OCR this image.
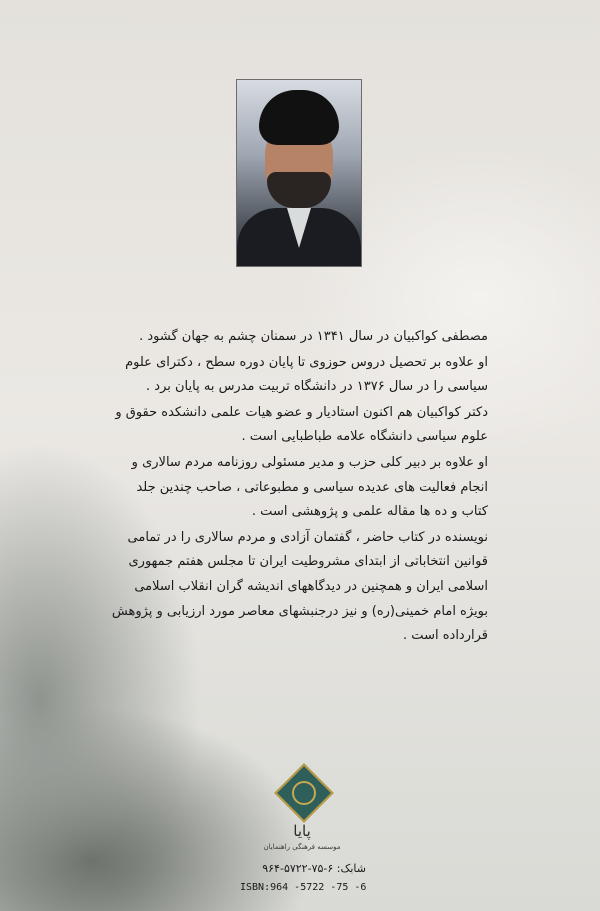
مصطفی کواکبیان در سال ۱۳۴۱ در سمنان چشم به جهان گشود .

او علاوه بر تحصیل دروس حوزوی تا پایان دوره سطح ، دکترای علوم سیاسی را در سال ۱۳۷۶ در دانشگاه تربیت مدرس به پایان برد .

دکتر کواکبیان هم اکنون استادیار و عضو هیات علمی دانشکده حقوق و علوم سیاسی دانشگاه علامه طباطبایی است .

او علاوه بر دبیر کلی حزب و مدیر مسئولی روزنامه مردم سالاری و انجام فعالیت های عدیده سیاسی و مطبوعاتی ، صاحب چندین جلد کتاب و ده ها مقاله علمی و پژوهشی است .

نویسنده در کتاب حاضر ، گفتمان آزادی و مردم سالاری را در تمامی قوانین انتخاباتی از ابتدای مشروطیت ایران تا مجلس هفتم جمهوری اسلامی ایران و همچنین در دیدگاههای اندیشه گران انقلاب اسلامی بویژه امام خمینی(ره) و نیز درجنبشهای معاصر مورد ارزیابی و پژوهش قرارداده است .

پایا
موسسه فرهنگی راهنمایان
شابک: ۶-۷۵-۵۷۲۲-۹۶۴
ISBN:964 -5722 -75 -6
